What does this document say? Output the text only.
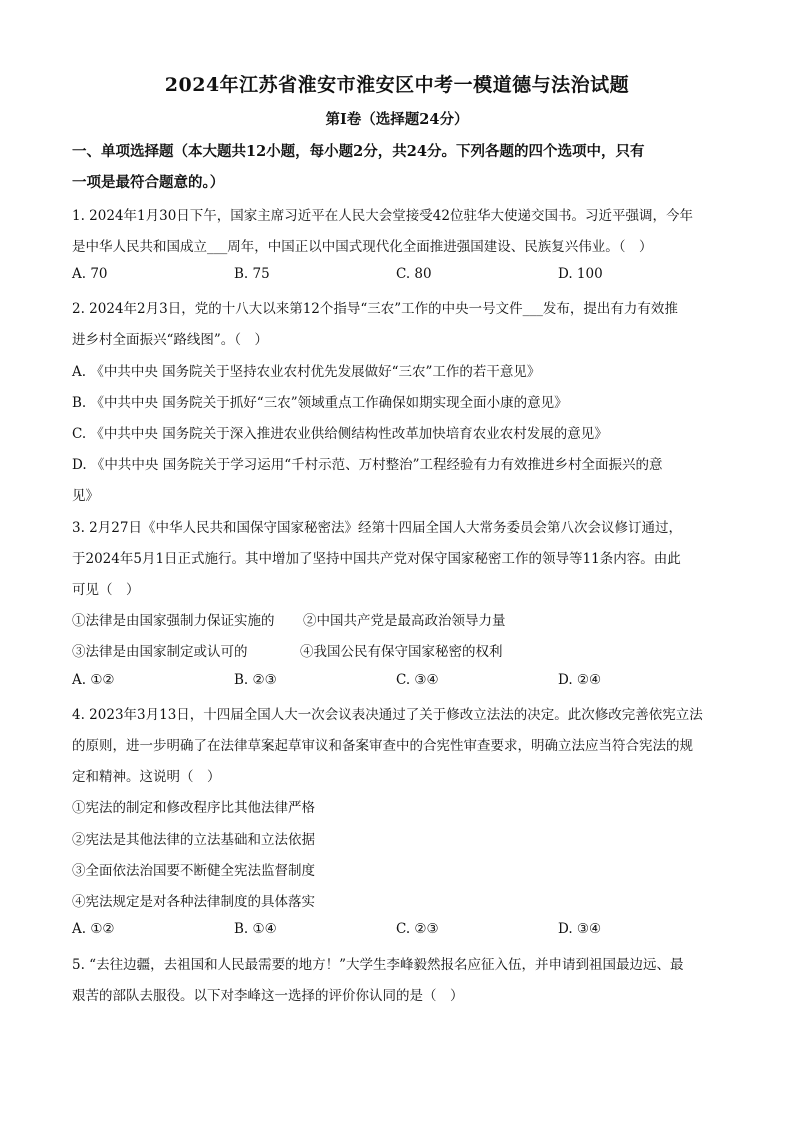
2024年江苏省淮安市淮安区中考一模道德与法治试题
第Ⅰ卷（选择题24分）
一、单项选择题（本大题共12小题，每小题2分，共24分。下列各题的四个选项中，只有
一项是最符合题意的。）
1. 2024年1月30日下午，国家主席习近平在人民大会堂接受42位驻华大使递交国书。习近平强调，今年
是中华人民共和国成立___周年，中国正以中国式现代化全面推进强国建设、民族复兴伟业。（　）
A. 70	B. 75	C. 80	D. 100
2. 2024年2月3日，党的十八大以来第12个指导“三农”工作的中央一号文件___发布，提出有力有效推
进乡村全面振兴“路线图”。（　）
A. 《中共中央 国务院关于坚持农业农村优先发展做好“三农”工作的若干意见》
B. 《中共中央 国务院关于抓好“三农”领域重点工作确保如期实现全面小康的意见》
C. 《中共中央 国务院关于深入推进农业供给侧结构性改革加快培育农业农村发展的意见》
D. 《中共中央 国务院关于学习运用“千村示范、万村整治”工程经验有力有效推进乡村全面振兴的意
见》
3. 2月27日《中华人民共和国保守国家秘密法》经第十四届全国人大常务委员会第八次会议修订通过，
于2024年5月1日正式施行。其中增加了坚持中国共产党对保守国家秘密工作的领导等11条内容。由此
可见（　）
①法律是由国家强制力保证实施的 ②中国共产党是最高政治领导力量
③法律是由国家制定或认可的	④我国公民有保守国家秘密的权利
A. ①②	B. ②③	C. ③④	D. ②④
4. 2023年3月13日，十四届全国人大一次会议表决通过了关于修改立法法的决定。此次修改完善依宪立法
的原则，进一步明确了在法律草案起草审议和备案审查中的合宪性审查要求，明确立法应当符合宪法的规
定和精神。这说明（　）
①宪法的制定和修改程序比其他法律严格
②宪法是其他法律的立法基础和立法依据
③全面依法治国要不断健全宪法监督制度
④宪法规定是对各种法律制度的具体落实
A. ①②	B. ①④	C. ②③	D. ③④
5. “去往边疆，去祖国和人民最需要的地方！”大学生李峰毅然报名应征入伍，并申请到祖国最边远、最
艰苦的部队去服役。以下对李峰这一选择的评价你认同的是（　）
